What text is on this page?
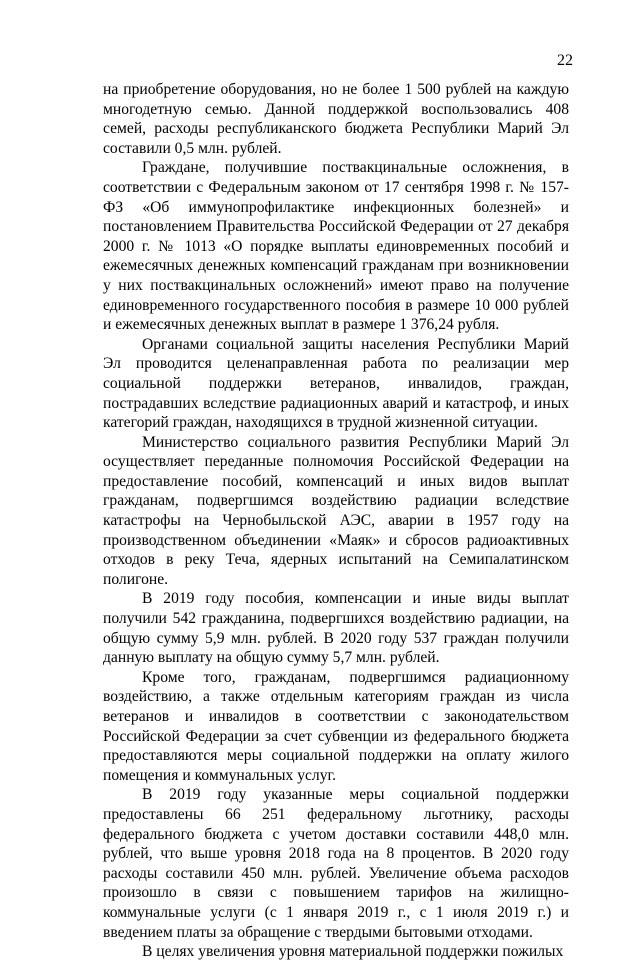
22

на приобретение оборудования, но не более 1 500 рублей на каждую многодетную семью. Данной поддержкой воспользовались 408 семей, расходы республиканского бюджета Республики Марий Эл составили 0,5 млн. рублей.

Граждане, получившие поствакцинальные осложнения, в соответствии с Федеральным законом от 17 сентября 1998 г. № 157-ФЗ «Об иммунопрофилактике инфекционных болезней» и постановлением Правительства Российской Федерации от 27 декабря 2000 г. № 1013 «О порядке выплаты единовременных пособий и ежемесячных денежных компенсаций гражданам при возникновении у них поствакцинальных осложнений» имеют право на получение единовременного государственного пособия в размере 10 000 рублей и ежемесячных денежных выплат в размере 1 376,24 рубля.

Органами социальной защиты населения Республики Марий Эл проводится целенаправленная работа по реализации мер социальной поддержки ветеранов, инвалидов, граждан, пострадавших вследствие радиационных аварий и катастроф, и иных категорий граждан, находящихся в трудной жизненной ситуации.

Министерство социального развития Республики Марий Эл осуществляет переданные полномочия Российской Федерации на предоставление пособий, компенсаций и иных видов выплат гражданам, подвергшимся воздействию радиации вследствие катастрофы на Чернобыльской АЭС, аварии в 1957 году на производственном объединении «Маяк» и сбросов радиоактивных отходов в реку Теча, ядерных испытаний на Семипалатинском полигоне.

В 2019 году пособия, компенсации и иные виды выплат получили 542 гражданина, подвергшихся воздействию радиации, на общую сумму 5,9 млн. рублей. В 2020 году 537 граждан получили данную выплату на общую сумму 5,7 млн. рублей.

Кроме того, гражданам, подвергшимся радиационному воздействию, а также отдельным категориям граждан из числа ветеранов и инвалидов в соответствии с законодательством Российской Федерации за счет субвенции из федерального бюджета предоставляются меры социальной поддержки на оплату жилого помещения и коммунальных услуг.

В 2019 году указанные меры социальной поддержки предоставлены 66 251 федеральному льготнику, расходы федерального бюджета с учетом доставки составили 448,0 млн. рублей, что выше уровня 2018 года на 8 процентов. В 2020 году расходы составили 450 млн. рублей. Увеличение объема расходов произошло в связи с повышением тарифов на жилищно-коммунальные услуги (с 1 января 2019 г., с 1 июля 2019 г.) и введением платы за обращение с твердыми бытовыми отходами.

В целях увеличения уровня материальной поддержки пожилых
